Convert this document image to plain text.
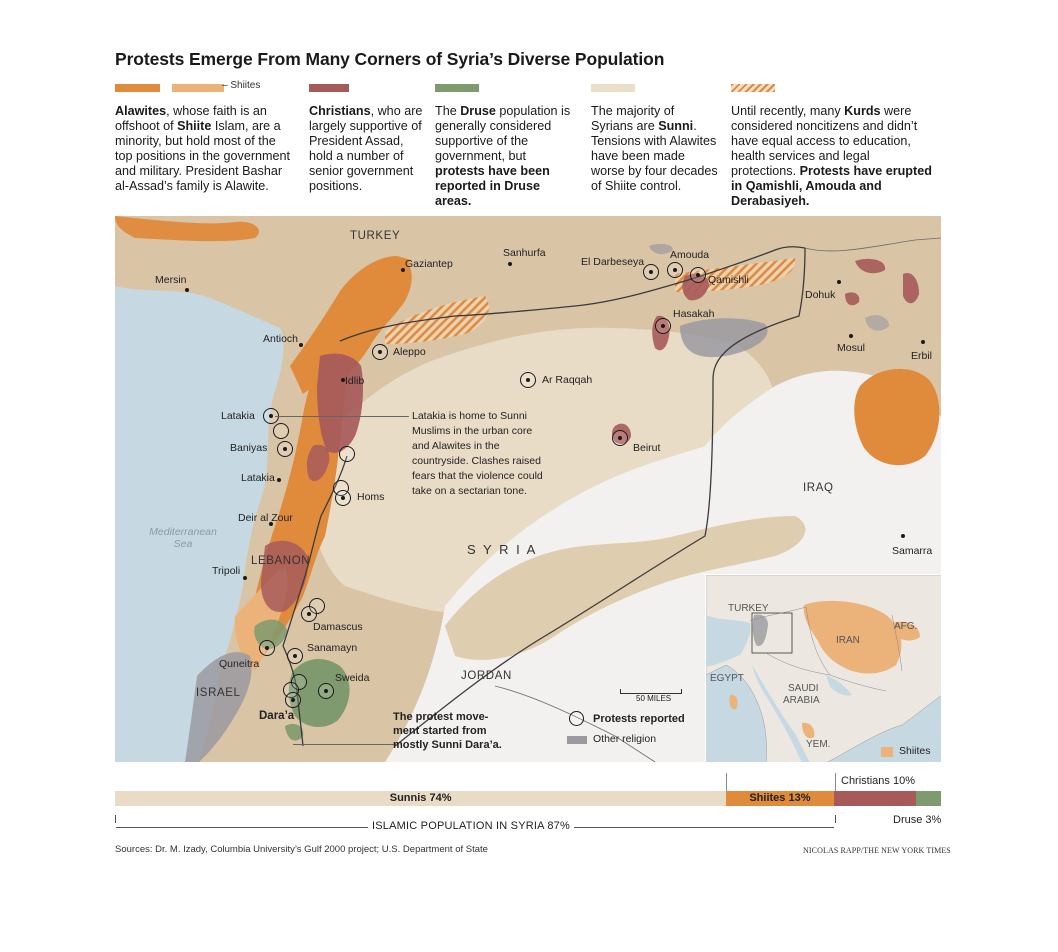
Protests Emerge From Many Corners of Syria’s Diverse Population

Alawites, whose faith is an offshoot of Shiite Islam, are a minority, but hold most of the top positions in the government and military. President Bashar al-Assad’s family is Alawite.
– Shiites
Christians, who are largely supportive of President Assad, hold a number of senior government positions.
The Druse population is generally considered supportive of the government, but protests have been reported in Druse areas.
The majority of Syrians are Sunni. Tensions with Alawites have been made worse by four decades of Shiite control.
Until recently, many Kurds were considered noncitizens and didn’t have equal access to education, health services and legal protections. Protests have erupted in Qamishli, Amouda and Derabasiyeh.
TURKEY
S Y R I A
IRAQ
LEBANON
ISRAEL
JORDAN
Mediterranean Sea
Mersin
Gaziantep
Sanhurfa
El Darbeseya
Amouda
Qamishli
Dohuk
Hasakah
Mosul
Erbil
Antioch
Idlib
Latakia
Deir al Zour
Tripoli
Samarra
Aleppo
Ar Raqqah
Latakia
Baniyas
Homs
Beirut
Damascus
Quneitra
Sanamayn
Sweida
Dara’a
Latakia is home to Sunni
Muslims in the urban core
and Alawites in the
countryside. Clashes raised
fears that the violence could
take on a sectarian tone.
The protest move-
ment started from
mostly Sunni Dara’a.
50 MILES
Protests reported
Other religion
TURKEY
IRAN
AFG.
EGYPT
SAUDI
ARABIA
YEM.
Shiites
Christians 10%
Sunnis 74%	Shiites 13%
Druse 3%
ISLAMIC POPULATION IN SYRIA 87%
Sources: Dr. M. Izady, Columbia University’s Gulf 2000 project; U.S. Department of State	NICOLAS RAPP/THE NEW YORK TIMES
